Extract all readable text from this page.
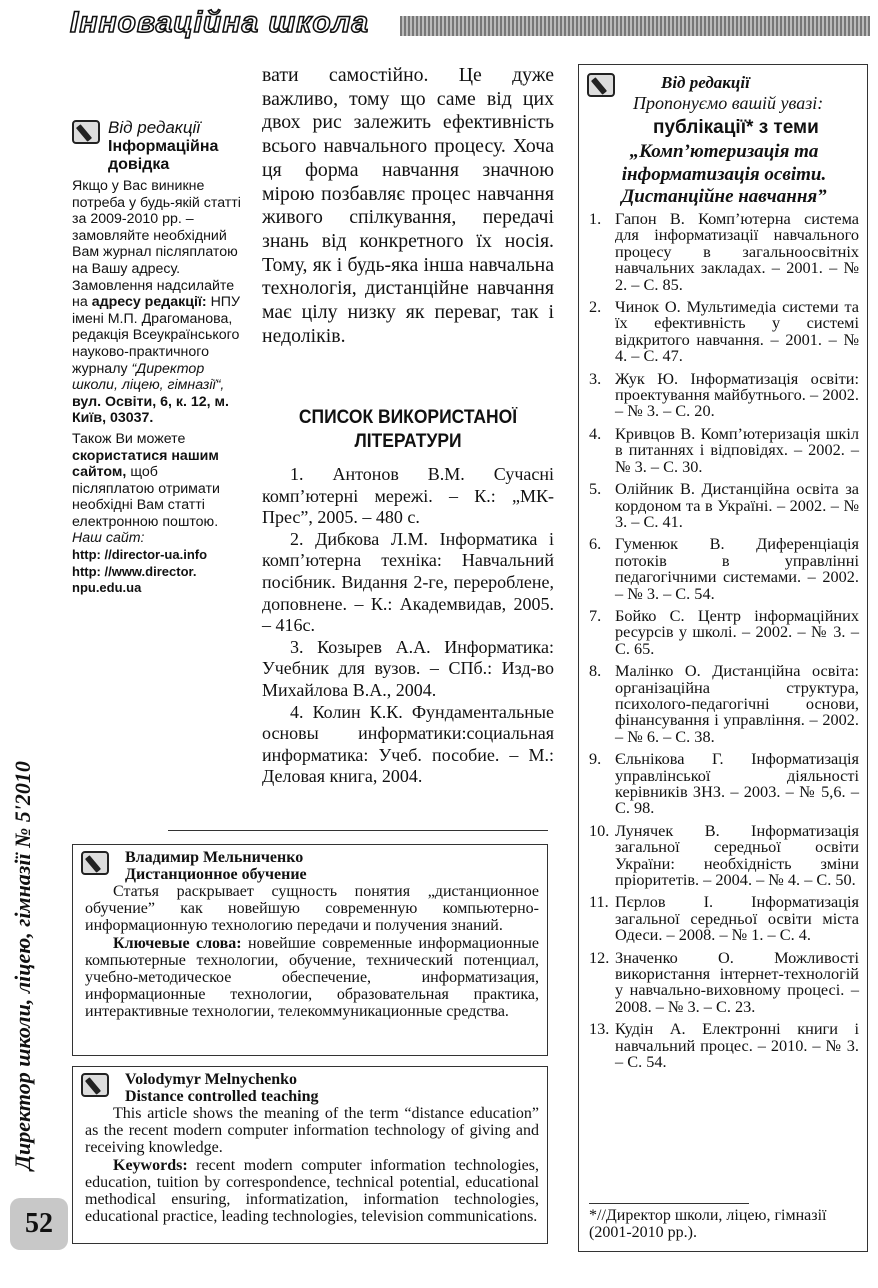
Інноваційна школа
Директор школи, ліцею, гімназії № 5'2010
52
Від редакції
Інформаційна довідка

Якщо у Вас виникне потреба у будь-якій статті за 2009-2010 рр. – замовляйте необхідний Вам журнал післяплатою на Вашу адресу. Замовлення надсилайте на адресу редакції: НПУ імені М.П. Драгоманова, редакція Всеукраїнського науково-практичного журналу “Директор школи, ліцею, гімназії“, вул. Освіти, 6, к. 12, м. Київ, 03037.

Також Ви можете скористатися нашим сайтом, щоб післяплатою отримати необхідні Вам статті електронною поштою.
Наш сайт:

http: //director-ua.info
http: //www.director. npu.edu.ua
вати самостійно. Це дуже важливо, тому що саме від цих двох рис залежить ефективність всього навчального процесу. Хоча ця форма навчання значною мірою позбавляє процес навчання живого спілкування, передачі знань від конкретного їх носія. Тому, як і будь-яка інша навчальна технологія, дистанційне навчання має цілу низку як переваг, так і недоліків.
СПИСОК ВИКОРИСТАНОЇ ЛІТЕРАТУРИ

1. Антонов В.М. Сучасні комп’ютерні мережі. – К.: „МК-Прес”, 2005. – 480 с.

2. Дибкова Л.М. Інформатика і комп’ютерна техніка: Навчальний посібник. Видання 2-ге, перероблене, доповнене. – К.: Академвидав, 2005. – 416с.

3. Козырев А.А. Информатика: Учебник для вузов. – СПб.: Изд-во Михайлова В.А., 2004.

4. Колин К.К. Фундаментальные основы информатики:социальная информатика: Учеб. пособие. – М.: Деловая книга, 2004.

Владимир Мельниченко
Дистанционное обучение

Статья раскрывает сущность понятия „дистанционное обучение” как новейшую современную компьютерно-информационную технологию передачи и получения знаний.

Ключевые слова: новейшие современные информационные компьютерные технологии, обучение, технический потенциал, учебно-методическое обеспечение, информатизация, информационные технологии, образовательная практика, интерактивные технологии, телекоммуникационные средства.

Volodymyr Melnychenko
Distance controlled teaching

This article shows the meaning of the term “distance education” as the recent modern computer information technology of giving and receiving knowledge.

Keywords: recent modern computer information technologies, education, tuition by correspondence, technical potential, educational methodical ensuring, informatization, information technologies, educational practice, leading technologies, television communications.

Від редакції
Пропонуємо вашій увазі:
публікації* з теми
„Комп’ютеризація та інформатизація освіти. Дистанційне навчання”
1. Гапон В. Комп’ютерна система для інформатизації навчального процесу в загальноосвітніх навчальних закладах. – 2001. – № 2. – С. 85.
2. Чинок О. Мультимедіа системи та їх ефективність у системі відкритого навчання. – 2001. – № 4. – С. 47.
3. Жук Ю. Інформатизація освіти: проектування майбутнього. – 2002. – № 3. – С. 20.
4. Кривцов В. Комп’ютеризація шкіл в питаннях і відповідях. – 2002. – № 3. – С. 30.
5. Олійник В. Дистанційна освіта за кордоном та в Україні. – 2002. – № 3. – С. 41.
6. Гуменюк В. Диференціація потоків в управлінні педагогічними системами. – 2002. – № 3. – С. 54.
7. Бойко С. Центр інформаційних ресурсів у школі. – 2002. – № 3. – С. 65.
8. Малінко О. Дистанційна освіта: організаційна структура, психолого-педагогічні основи, фінансування і управління. – 2002. – № 6. – С. 38.
9. Єльнікова Г. Інформатизація управлінської діяльності керівників ЗНЗ. – 2003. – № 5,6. – С. 98.
10. Лунячек В. Інформатизація загальної середньої освіти України: необхідність зміни пріоритетів. – 2004. – № 4. – С. 50.
11. Пєрлов І. Інформатизація загальної середньої освіти міста Одеси. – 2008. – № 1. – С. 4.
12. Значенко О. Можливості використання інтернет-технологій у навчально-виховному процесі. – 2008. – № 3. – С. 23.
13. Кудін А. Електронні книги і навчальний процес. – 2010. – № 3. – С. 54.
*//Директор школи, ліцею, гімназії (2001-2010 рр.).
